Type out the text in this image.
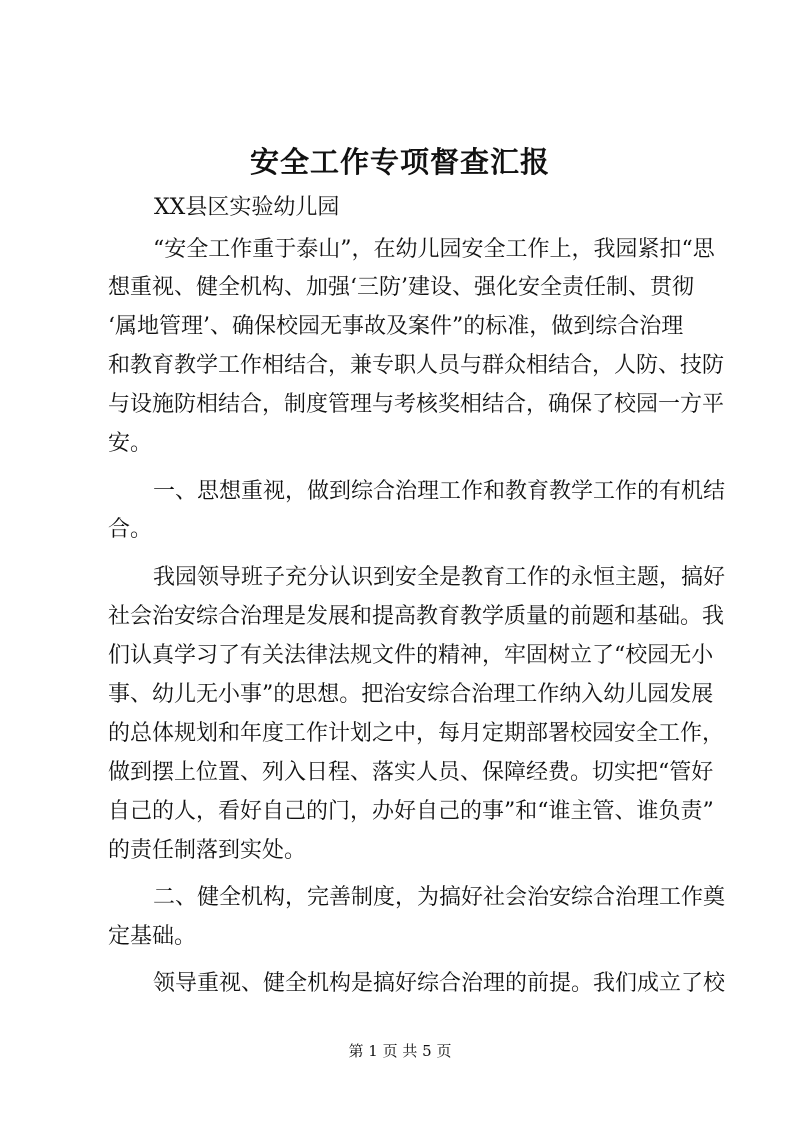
安全工作专项督查汇报
XX县区实验幼儿园
“安全工作重于泰山”，在幼儿园安全工作上，我园紧扣“思
想重视、健全机构、加强‘三防’建设、强化安全责任制、贯彻
‘属地管理’、确保校园无事故及案件”的标准，做到综合治理
和教育教学工作相结合，兼专职人员与群众相结合，人防、技防
与设施防相结合，制度管理与考核奖相结合，确保了校园一方平
安。
一、思想重视，做到综合治理工作和教育教学工作的有机结
合。
我园领导班子充分认识到安全是教育工作的永恒主题，搞好
社会治安综合治理是发展和提高教育教学质量的前题和基础。我
们认真学习了有关法律法规文件的精神，牢固树立了“校园无小
事、幼儿无小事”的思想。把治安综合治理工作纳入幼儿园发展
的总体规划和年度工作计划之中，每月定期部署校园安全工作，
做到摆上位置、列入日程、落实人员、保障经费。切实把“管好
自己的人，看好自己的门，办好自己的事”和“谁主管、谁负责”
的责任制落到实处。
二、健全机构，完善制度，为搞好社会治安综合治理工作奠
定基础。
领导重视、健全机构是搞好综合治理的前提。我们成立了校
第 1 页 共 5 页
